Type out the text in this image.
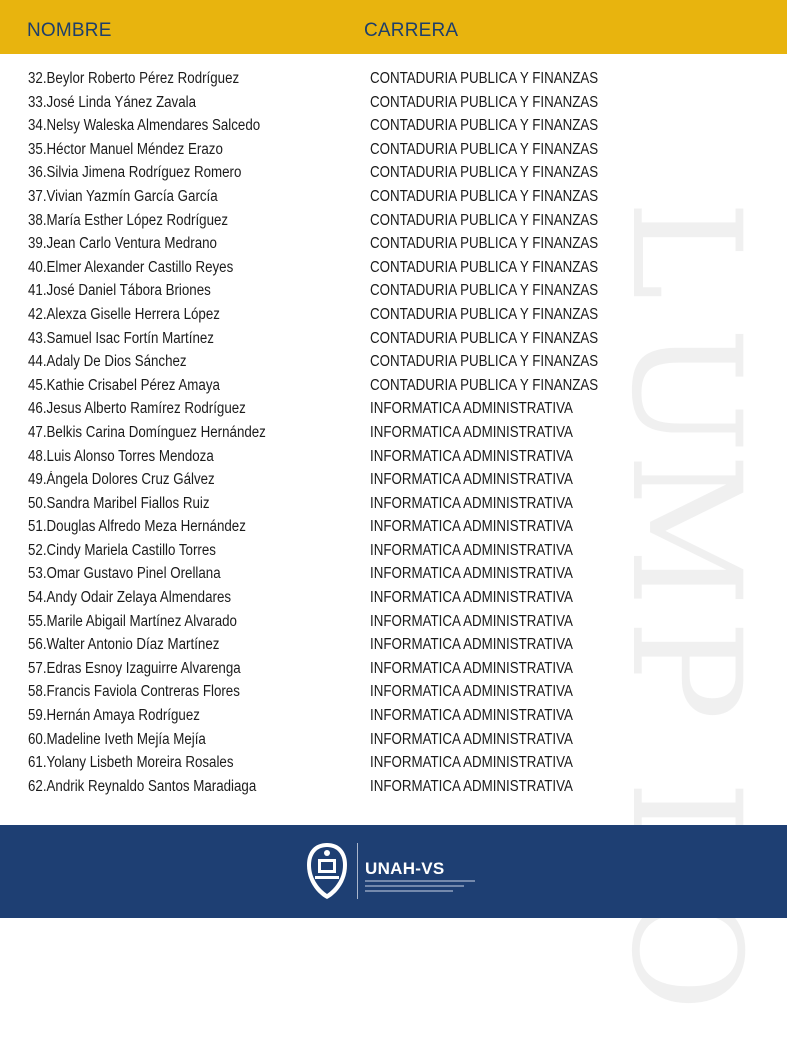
NOMBRE	CARRERA
L
U
M
P
I
O
32.Beylor Roberto Pérez Rodríguez	CONTADURIA PUBLICA Y FINANZAS
33.José Linda Yánez Zavala	CONTADURIA PUBLICA Y FINANZAS
34.Nelsy Waleska Almendares Salcedo	CONTADURIA PUBLICA Y FINANZAS
35.Héctor Manuel Méndez Erazo	CONTADURIA PUBLICA Y FINANZAS
36.Silvia Jimena Rodríguez Romero	CONTADURIA PUBLICA Y FINANZAS
37.Vivian Yazmín García García	CONTADURIA PUBLICA Y FINANZAS
38.María Esther López Rodríguez	CONTADURIA PUBLICA Y FINANZAS
39.Jean Carlo Ventura Medrano	CONTADURIA PUBLICA Y FINANZAS
40.Elmer Alexander Castillo Reyes	CONTADURIA PUBLICA Y FINANZAS
41.José Daniel Tábora Briones	CONTADURIA PUBLICA Y FINANZAS
42.Alexza Giselle Herrera López	CONTADURIA PUBLICA Y FINANZAS
43.Samuel Isac Fortín Martínez	CONTADURIA PUBLICA Y FINANZAS
44.Adaly De Dios Sánchez	CONTADURIA PUBLICA Y FINANZAS
45.Kathie Crisabel Pérez Amaya	CONTADURIA PUBLICA Y FINANZAS
46.Jesus Alberto Ramírez Rodríguez	INFORMATICA ADMINISTRATIVA
47.Belkis Carina Domínguez Hernández	INFORMATICA ADMINISTRATIVA
48.Luis Alonso Torres Mendoza	INFORMATICA ADMINISTRATIVA
49.Ángela Dolores Cruz Gálvez	INFORMATICA ADMINISTRATIVA
50.Sandra Maribel Fiallos Ruiz	INFORMATICA ADMINISTRATIVA
51.Douglas Alfredo Meza Hernández	INFORMATICA ADMINISTRATIVA
52.Cindy Mariela Castillo Torres	INFORMATICA ADMINISTRATIVA
53.Omar Gustavo Pinel Orellana	INFORMATICA ADMINISTRATIVA
54.Andy Odair Zelaya Almendares	INFORMATICA ADMINISTRATIVA
55.Marile Abigail Martínez Alvarado	INFORMATICA ADMINISTRATIVA
56.Walter Antonio Díaz Martínez	INFORMATICA ADMINISTRATIVA
57.Edras Esnoy Izaguirre Alvarenga	INFORMATICA ADMINISTRATIVA
58.Francis Faviola Contreras Flores	INFORMATICA ADMINISTRATIVA
59.Hernán Amaya Rodríguez	INFORMATICA ADMINISTRATIVA
60.Madeline Iveth Mejía Mejía	INFORMATICA ADMINISTRATIVA
61.Yolany Lisbeth Moreira Rosales	INFORMATICA ADMINISTRATIVA
62.Andrik Reynaldo Santos Maradiaga	INFORMATICA ADMINISTRATIVA
UNAH-VS
